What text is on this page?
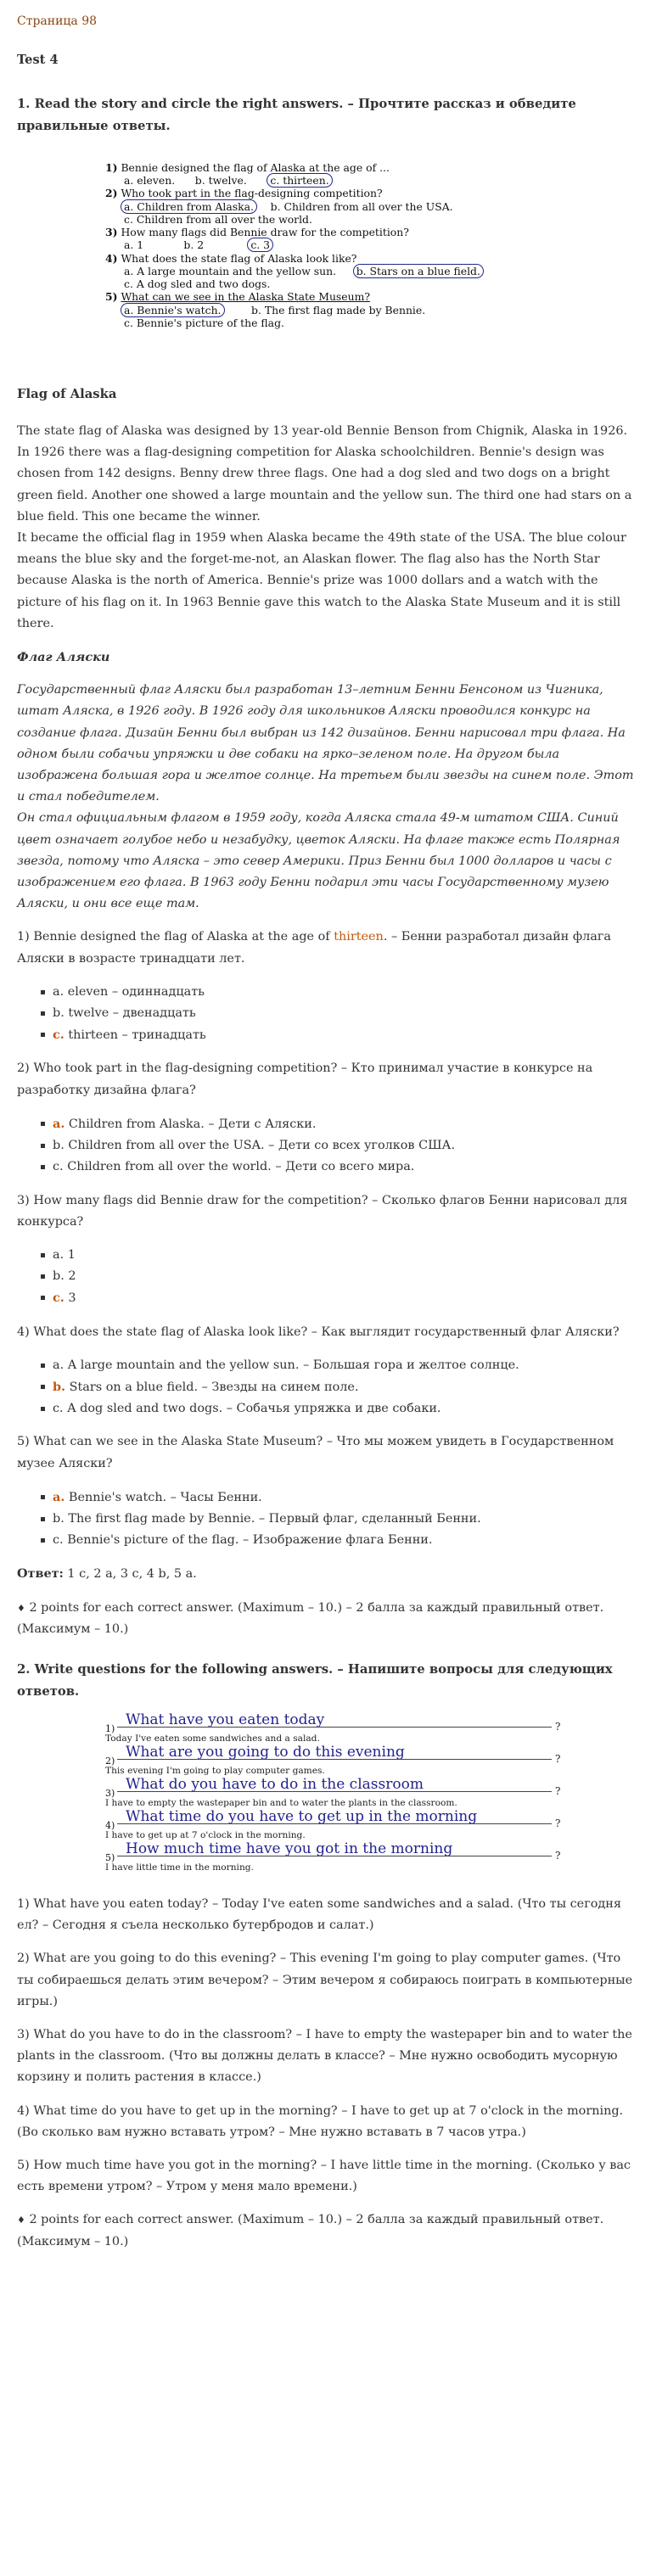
Страница 98
Test 4
1. Read the story and circle the right answers. – Прочтите рассказ и обведите правильные ответы.
1) Bennie designed the flag of Alaska at the age of ...
a. eleven. b. twelve. c. thirteen.
2) Who took part in the flag-designing competition?
a. Children from Alaska. b. Children from all over the USA.
c. Children from all over the world.
3) How many flags did Bennie draw for the competition?
a. 1	b. 2	c. 3
4) What does the state flag of Alaska look like?
a. A large mountain and the yellow sun. b. Stars on a blue field.
c. A dog sled and two dogs.
5) What can we see in the Alaska State Museum?
a. Bennie's watch.	b. The first flag made by Bennie.
c. Bennie's picture of the flag.
Flag of Alaska

The state flag of Alaska was designed by 13 year-old Bennie Benson from Chignik, Alaska in 1926. In 1926 there was a flag-designing competition for Alaska schoolchildren. Bennie's design was chosen from 142 designs. Benny drew three flags. One had a dog sled and two dogs on a bright green field. Another one showed a large mountain and the yellow sun. The third one had stars on a blue field. This one became the winner.

It became the official flag in 1959 when Alaska became the 49th state of the USA. The blue colour means the blue sky and the forget-me-not, an Alaskan flower. The flag also has the North Star because Alaska is the north of America. Bennie's prize was 1000 dollars and a watch with the picture of his flag on it. In 1963 Bennie gave this watch to the Alaska State Museum and it is still there.

Флаг Аляски

Государственный флаг Аляски был разработан 13–летним Бенни Бенсоном из Чигника, штат Аляска, в 1926 году. В 1926 году для школьников Аляски проводился конкурс на создание флага. Дизайн Бенни был выбран из 142 дизайнов. Бенни нарисовал три флага. На одном были собачьи упряжки и две собаки на ярко–зеленом поле. На другом была изображена большая гора и желтое солнце. На третьем были звезды на синем поле. Этот и стал победителем.

Он стал официальным флагом в 1959 году, когда Аляска стала 49-м штатом США. Синий цвет означает голубое небо и незабудку, цветок Аляски. На флаге также есть Полярная звезда, потому что Аляска – это север Америки. Приз Бенни был 1000 долларов и часы с изображением его флага. В 1963 году Бенни подарил эти часы Государственному музею Аляски, и они все еще там.

1) Bennie designed the flag of Alaska at the age of thirteen. – Бенни разработал дизайн флага Аляски в возрасте тринадцати лет.

a. eleven – одиннадцать
b. twelve – двенадцать
c. thirteen – тринадцать

2) Who took part in the flag-designing competition? – Кто принимал участие в конкурсе на разработку дизайна флага?

a. Children from Alaska. – Дети с Аляски.
b. Children from all over the USA. – Дети со всех уголков США.
c. Children from all over the world. – Дети со всего мира.

3) How many flags did Bennie draw for the competition? – Сколько флагов Бенни нарисовал для конкурса?

a. 1
b. 2
c. 3

4) What does the state flag of Alaska look like? – Как выглядит государственный флаг Аляски?

a. A large mountain and the yellow sun. – Большая гора и желтое солнце.
b. Stars on a blue field. – Звезды на синем поле.
c. A dog sled and two dogs. – Собачья упряжка и две собаки.

5) What can we see in the Alaska State Museum? – Что мы можем увидеть в Государственном музее Аляски?

a. Bennie's watch. – Часы Бенни.
b. The first flag made by Bennie. – Первый флаг, сделанный Бенни.
c. Bennie's picture of the flag. – Изображение флага Бенни.

Ответ: 1 c, 2 a, 3 c, 4 b, 5 a.

♦ 2 points for each correct answer. (Maximum – 10.) – 2 балла за каждый правильный ответ. (Максимум – 10.)

2. Write questions for the following answers. – Напишите вопросы для следующих ответов.
1)
What have you eaten today	?
Today I've eaten some sandwiches and a salad.
2)
What are you going to do this evening	?
This evening I'm going to play computer games.
3)
What do you have to do in the classroom	?
I have to empty the wastepaper bin and to water the plants in the classroom.
4)
What time do you have to get up in the morning	?
I have to get up at 7 o'clock in the morning.
5)
How much time have you got in the morning	?
I have little time in the morning.

1) What have you eaten today? – Today I've eaten some sandwiches and a salad. (Что ты сегодня ел? – Сегодня я съела несколько бутербродов и салат.)

2) What are you going to do this evening? – This evening I'm going to play computer games. (Что ты собираешься делать этим вечером? – Этим вечером я собираюсь поиграть в компьютерные игры.)

3) What do you have to do in the classroom? – I have to empty the wastepaper bin and to water the plants in the classroom. (Что вы должны делать в классе? – Мне нужно освободить мусорную корзину и полить растения в классе.)

4) What time do you have to get up in the morning? – I have to get up at 7 o'clock in the morning. (Во сколько вам нужно вставать утром? – Мне нужно вставать в 7 часов утра.)

5) How much time have you got in the morning? – I have little time in the morning. (Сколько у вас есть времени утром? – Утром у меня мало времени.)

♦ 2 points for each correct answer. (Maximum – 10.) – 2 балла за каждый правильный ответ. (Максимум – 10.)
